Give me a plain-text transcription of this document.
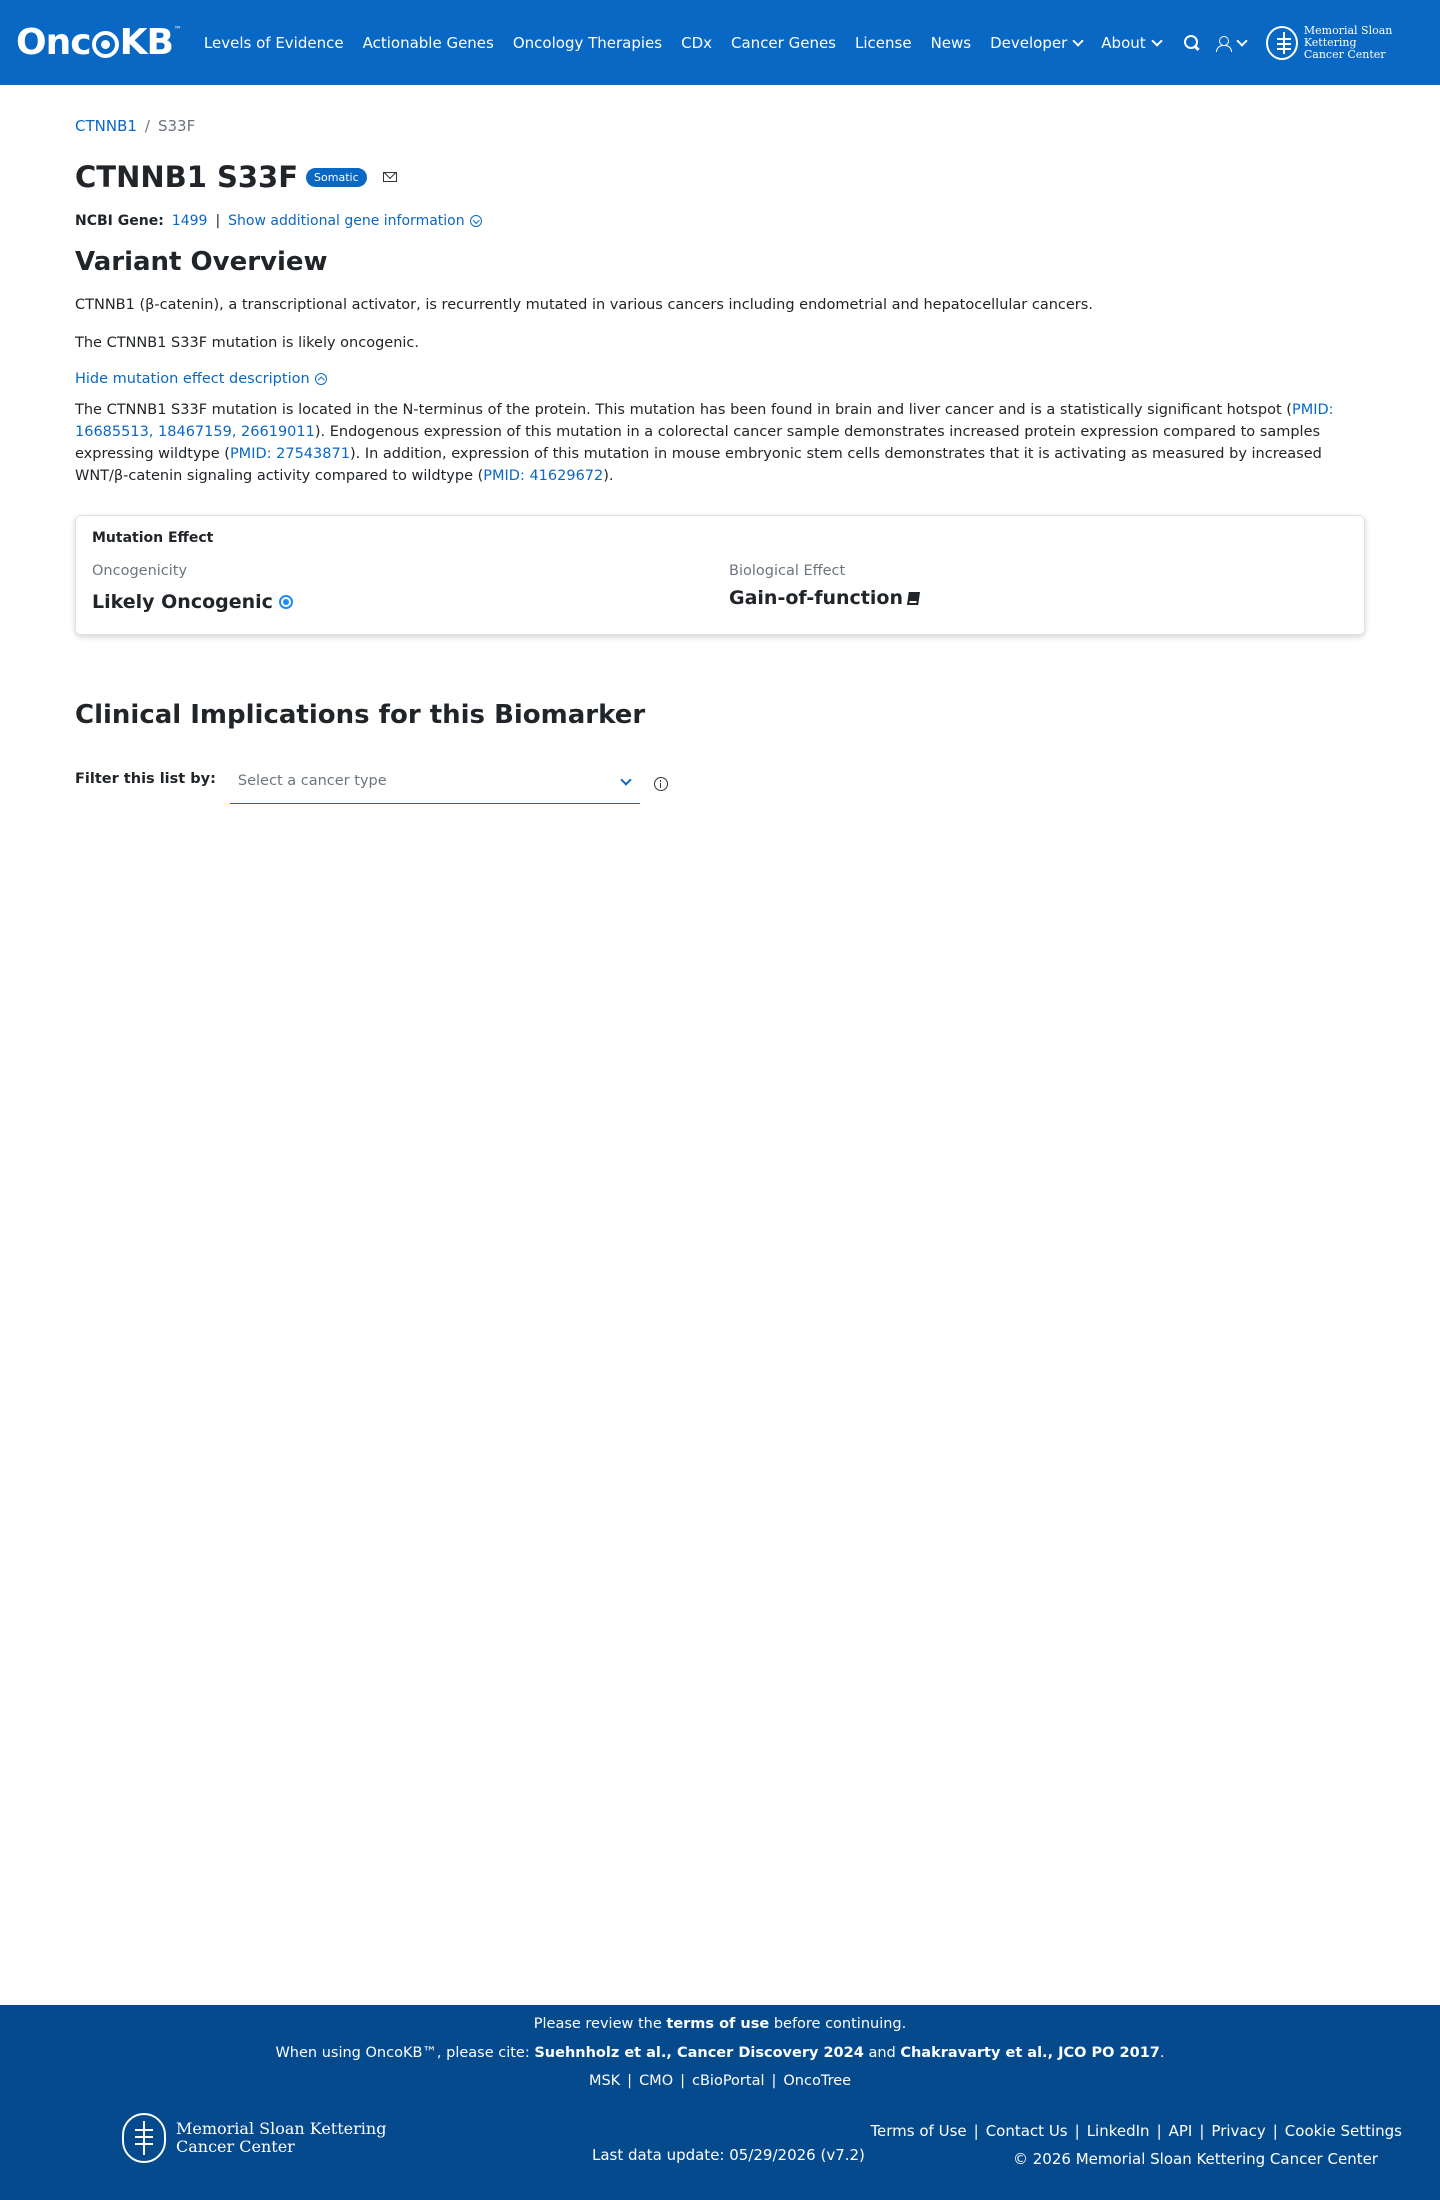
Onc KB ™
Levels of Evidence Actionable Genes Oncology Therapies CDx Cancer Genes License News Developer About
Memorial Sloan Kettering
Cancer Center
CTNNB1 / S33F
CTNNB1 S33F	Somatic
NCBI Gene: 1499 | Show additional gene information
Variant Overview

CTNNB1 (β-catenin), a transcriptional activator, is recurrently mutated in various cancers including endometrial and hepatocellular cancers.

The CTNNB1 S33F mutation is likely oncogenic.

Hide mutation effect description

The CTNNB1 S33F mutation is located in the N-terminus of the protein. This mutation has been found in brain and liver cancer and is a statistically significant hotspot (PMID: 16685513, 18467159, 26619011). Endogenous expression of this mutation in a colorectal cancer sample demonstrates increased protein expression compared to samples expressing wildtype (PMID: 27543871). In addition, expression of this mutation in mouse embryonic stem cells demonstrates that it is activating as measured by increased WNT/β-catenin signaling activity compared to wildtype (PMID: 41629672).

Mutation Effect
Oncogenicity
Likely Oncogenic
Biological Effect
Gain-of-function
Clinical Implications for this Biomarker
Filter this list by: Select a cancer type
Please review the terms of use before continuing.
When using OncoKB™, please cite: Suehnholz et al., Cancer Discovery 2024 and Chakravarty et al., JCO PO 2017.
MSK | CMO | cBioPortal | OncoTree
Memorial Sloan Kettering
Cancer Center	Last data update: 05/29/2026 (v7.2)
Terms of Use | Contact Us | LinkedIn | API | Privacy | Cookie Settings
© 2026 Memorial Sloan Kettering Cancer Center
